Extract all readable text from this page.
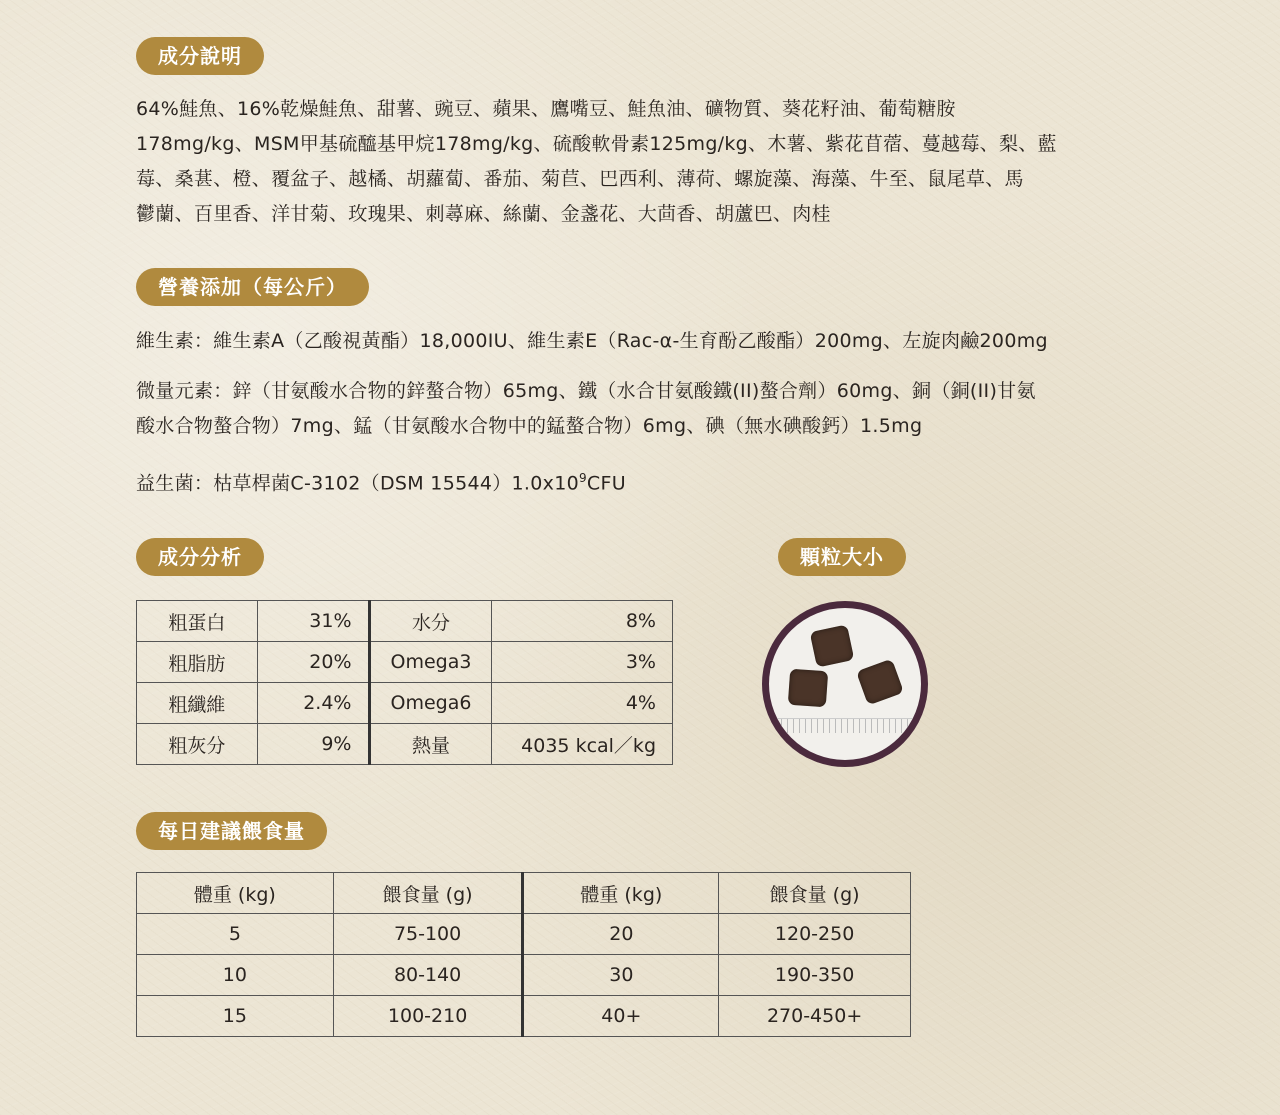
成分說明
64%鮭魚、16%乾燥鮭魚、甜薯、豌豆、蘋果、鷹嘴豆、鮭魚油、礦物質、葵花籽油、葡萄糖胺
178mg/kg、MSM甲基硫醯基甲烷178mg/kg、硫酸軟骨素125mg/kg、木薯、紫花苜蓿、蔓越莓、梨、藍
莓、桑葚、橙、覆盆子、越橘、胡蘿蔔、番茄、菊苣、巴西利、薄荷、螺旋藻、海藻、牛至、鼠尾草、馬
鬱蘭、百里香、洋甘菊、玫瑰果、刺蕁麻、絲蘭、金盞花、大茴香、胡蘆巴、肉桂
營養添加（每公斤）
維生素：維生素A（乙酸視黃酯）18,000IU、維生素E（Rac-α-生育酚乙酸酯）200mg、左旋肉鹼200mg
微量元素：鋅（甘氨酸水合物的鋅螯合物）65mg、鐵（水合甘氨酸鐵(II)螯合劑）60mg、銅（銅(II)甘氨
酸水合物螯合物）7mg、錳（甘氨酸水合物中的錳螯合物）6mg、碘（無水碘酸鈣）1.5mg
益生菌：枯草桿菌C-3102（DSM $15544)1.0x10^9CFU$
成分分析
粗蛋白	31%	水分	8%
粗脂肪	20%	Omega3	3%
粗纖維	2.4%	Omega6	4%
粗灰分	9%	熱量	4035 kcal／kg
顆粒大小
每日建議餵食量
體重 (kg)	餵食量 (g)	體重 (kg)	餵食量 (g)
5	75-100	20	120-250
10	80-140	30	190-350
15	100-210	40+	270-450+
